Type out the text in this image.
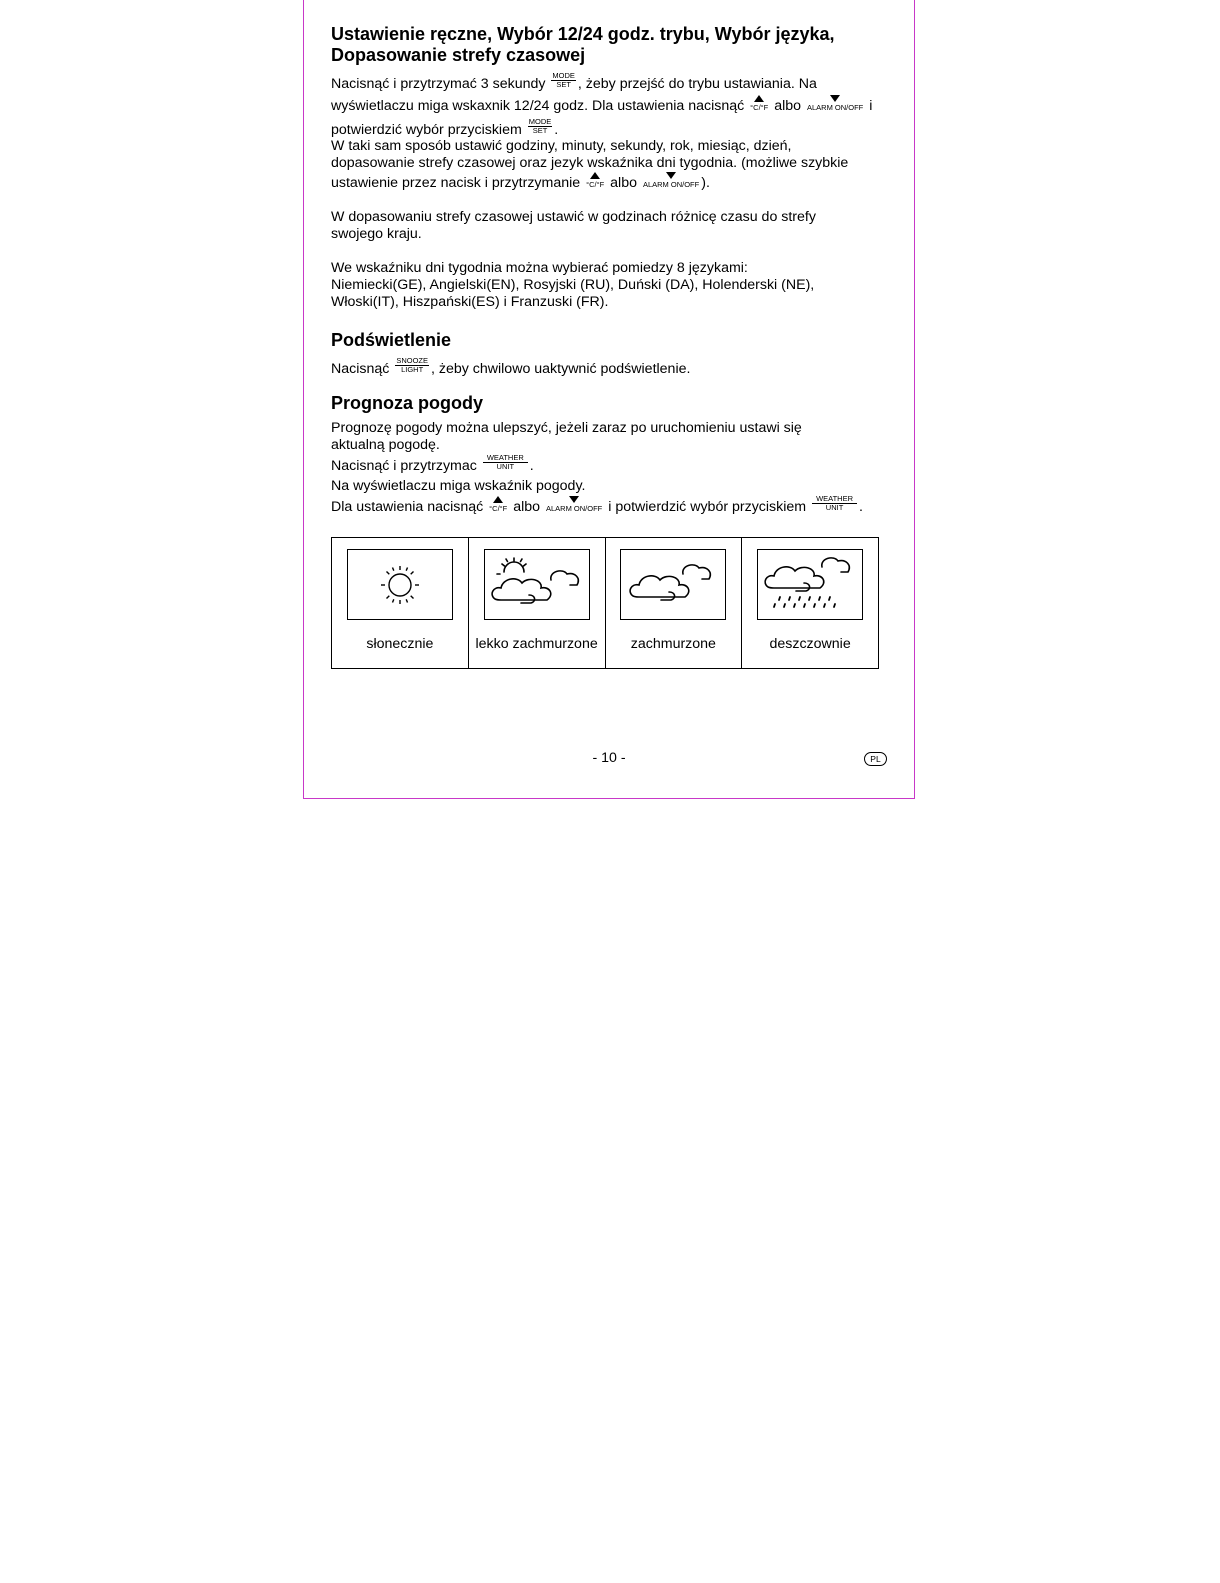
Ustawienie ręczne, Wybór 12/24 godz. trybu, Wybór języka,
Dopasowanie strefy czasowej
Nacisnąć i przytrzymać 3 sekundy
MODE
SET , żeby przejść do trybu ustawiania. Na
wyświetlaczu miga wskaxnik 12/24 godz. Dla ustawienia nacisnąć °C/°F albo ALARM ON/OFF i
potwierdzić wybór przyciskiem
MODE
SET .
W taki sam sposób ustawić godziny, minuty, sekundy, rok, miesiąc, dzień,
dopasowanie strefy czasowej oraz jezyk wskaźnika dni tygodnia. (możliwe szybkie
ustawienie przez nacisk i przytrzymanie °C/°F albo ALARM ON/OFF ).
W dopasowaniu strefy czasowej ustawić w godzinach różnicę czasu do strefy
swojego kraju.
We wskaźniku dni tygodnia można wybierać pomiedzy 8 językami:
Niemiecki(GE), Angielski(EN), Rosyjski (RU), Duński (DA), Holenderski (NE),
Włoski(IT), Hiszpański(ES) i Franzuski (FR).
Podświetlenie
Nacisnąć
SNOOZE
LIGHT , żeby chwilowo uaktywnić podświetlenie.
Prognoza pogody
Prognozę pogody można ulepszyć, jeżeli zaraz po uruchomieniu ustawi się
aktualną pogodę.
Nacisnąć i przytrzymac
WEATHER
UNIT	.
Na wyświetlaczu miga wskaźnik pogody.
Dla ustawienia nacisnąć °C/°F albo ALARM ON/OFF i potwierdzić wybór przyciskiem
WEATHER
UNIT	.
słonecznie	lekko zachmurzone	zachmurzone	deszczownie
- 10 -	PL
